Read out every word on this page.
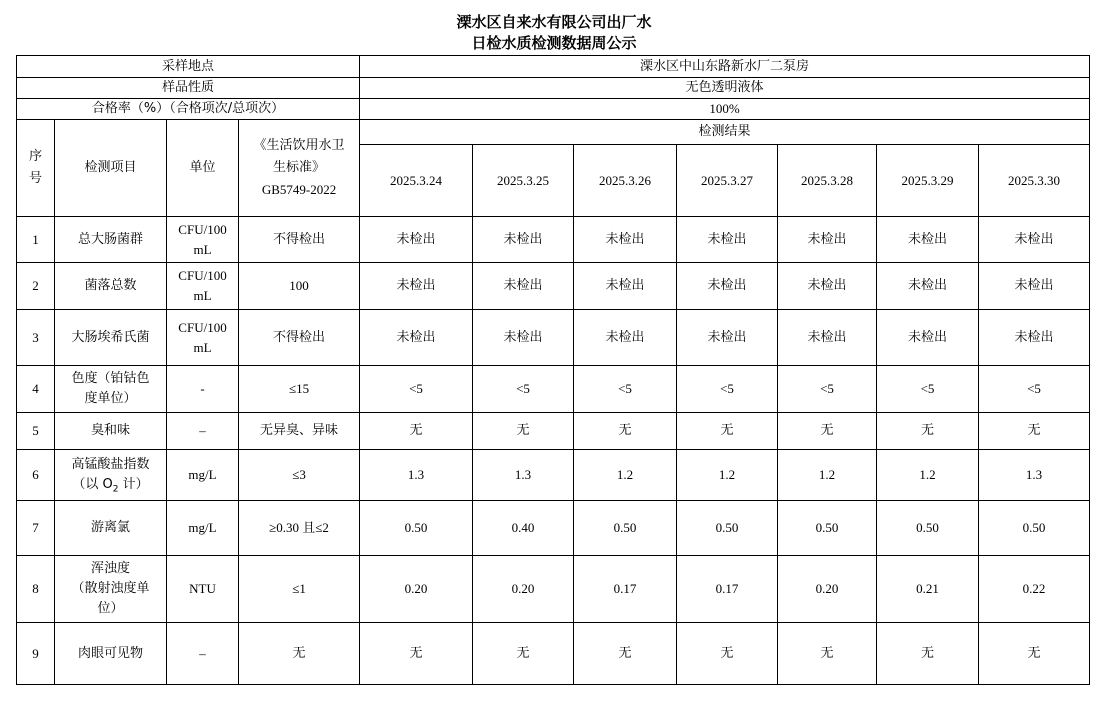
溧水区自来水有限公司出厂水
日检水质检测数据周公示
采样地点				溧水区中山东路新水厂二泵房						
样品性质				无色透明液体						
合格率（%）（合格项次/总项次）				100%						
序
号	检测项目	单位	《生活饮用水卫
生标准》
GB5749-2022	检测结果						
				2025.3.24	2025.3.25	2025.3.26	2025.3.27	2025.3.28	2025.3.29	2025.3.30
1	总大肠菌群	CFU/100
mL	不得检出	未检出	未检出	未检出	未检出	未检出	未检出	未检出
2	菌落总数	CFU/100
mL	100	未检出	未检出	未检出	未检出	未检出	未检出	未检出
3	大肠埃希氏菌	CFU/100
mL	不得检出	未检出	未检出	未检出	未检出	未检出	未检出	未检出
4	色度（铂钴色
度单位）	-	≤15	<5	<5	<5	<5	<5	<5	<5
5	臭和味	–	无异臭、异味	无	无	无	无	无	无	无
6	高锰酸盐指数
（以 $O_2$ 计）	mg/L	≤3	1.3	1.3	1.2	1.2	1.2	1.2	1.3
7	游离氯	mg/L	≥0.30 且≤2	0.50	0.40	0.50	0.50	0.50	0.50	0.50
8	浑浊度
（散射浊度单
位）	NTU	≤1	0.20	0.20	0.17	0.17	0.20	0.21	0.22
9	肉眼可见物	–	无	无	无	无	无	无	无	无
